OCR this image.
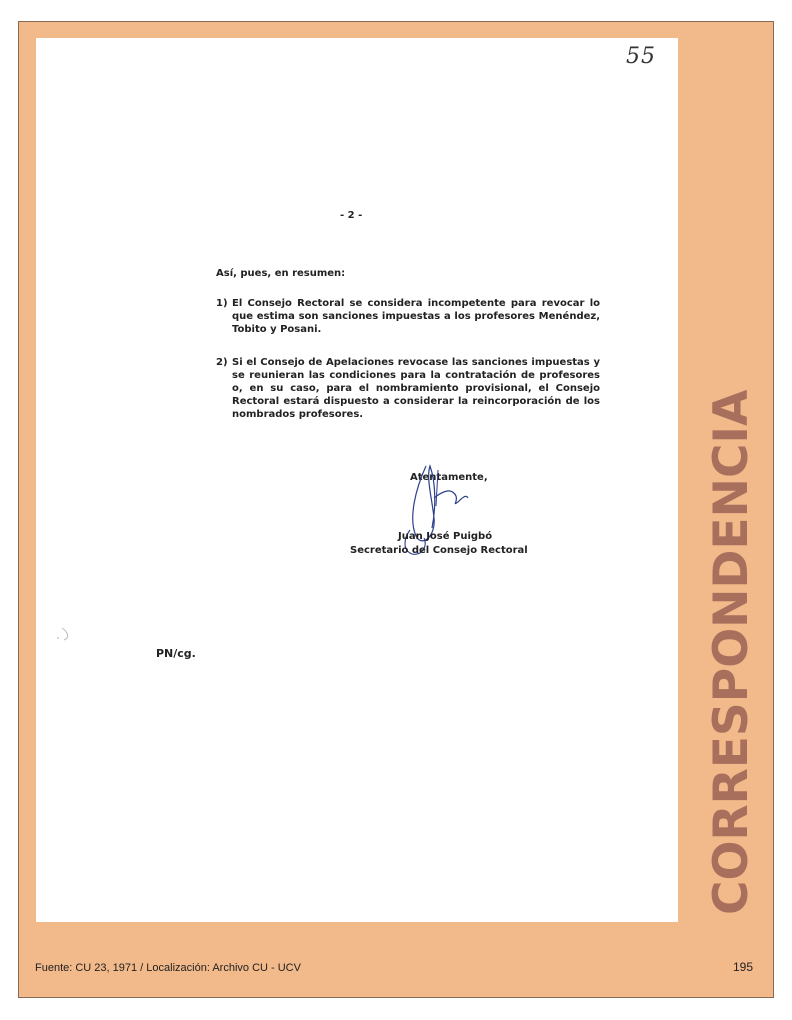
55
- 2 -
Así, pues, en resumen:
1) El Consejo Rectoral se considera incompetente para revocar lo que estima son sanciones impuestas a los profesores Menéndez, Tobito y Posani.
2) Si el Consejo de Apelaciones revocase las sanciones impuestas y se reunieran las condiciones para la contratación de profesores o, en su caso, para el nombramiento provisional, el Consejo Rectoral estará dispuesto a considerar la reincorporación de los nombrados profesores.
Atentamente,
Juan José Puigbó
Secretario del Consejo Rectoral
PN/cg.	CORRESPONDENCIA
Fuente: CU 23, 1971 / Localización: Archivo CU - UCV	195
